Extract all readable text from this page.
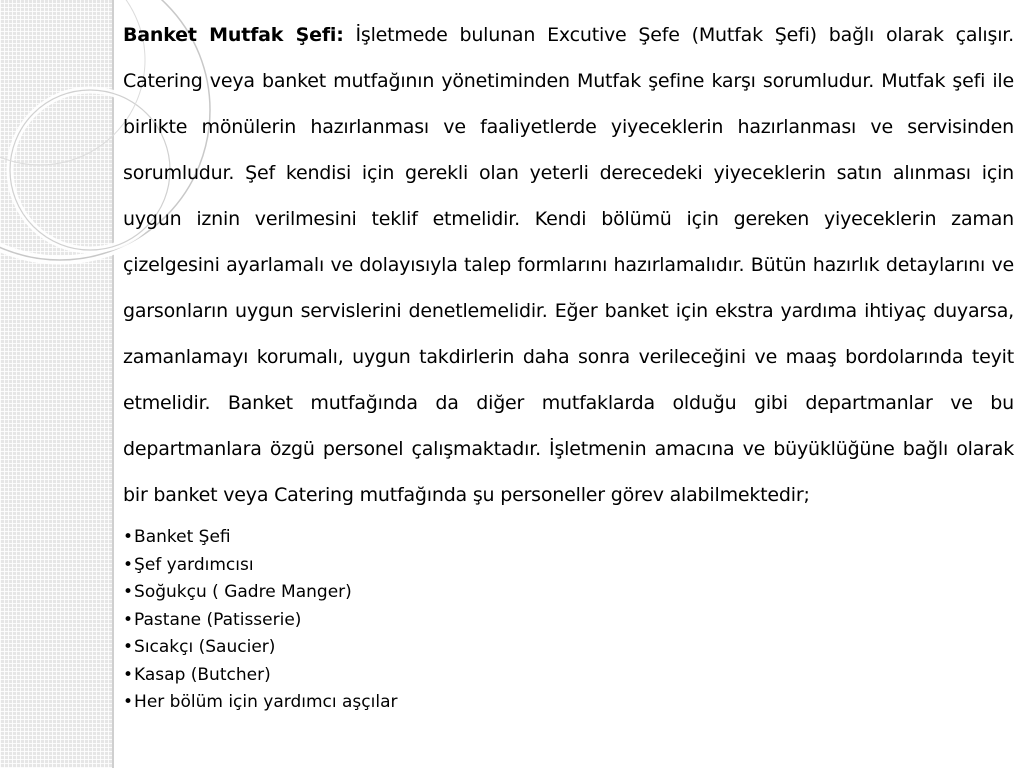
Banket Mutfak Şefi: İşletmede bulunan Excutive Şefe (Mutfak Şefi) bağlı olarak çalışır. Catering veya banket mutfağının yönetiminden Mutfak şefine karşı sorumludur. Mutfak şefi ile birlikte mönülerin hazırlanması ve faaliyetlerde yiyeceklerin hazırlanması ve servisinden sorumludur. Şef kendisi için gerekli olan yeterli derecedeki yiyeceklerin satın alınması için uygun iznin verilmesini teklif etmelidir. Kendi bölümü için gereken yiyeceklerin zaman çizelgesini ayarlamalı ve dolayısıyla talep formlarını hazırlamalıdır. Bütün hazırlık detaylarını ve garsonların uygun servislerini denetlemelidir. Eğer banket için ekstra yardıma ihtiyaç duyarsa, zamanlamayı korumalı, uygun takdirlerin daha sonra verileceğini ve maaş bordolarında teyit etmelidir. Banket mutfağında da diğer mutfaklarda olduğu gibi departmanlar ve bu departmanlara özgü personel çalışmaktadır. İşletmenin amacına ve büyüklüğüne bağlı olarak bir banket veya Catering mutfağında şu personeller görev alabilmektedir;

• Banket Şefi
• Şef yardımcısı
• Soğukçu ( Gadre Manger)
• Pastane (Patisserie)
• Sıcakçı (Saucier)
• Kasap (Butcher)
• Her bölüm için yardımcı aşçılar
